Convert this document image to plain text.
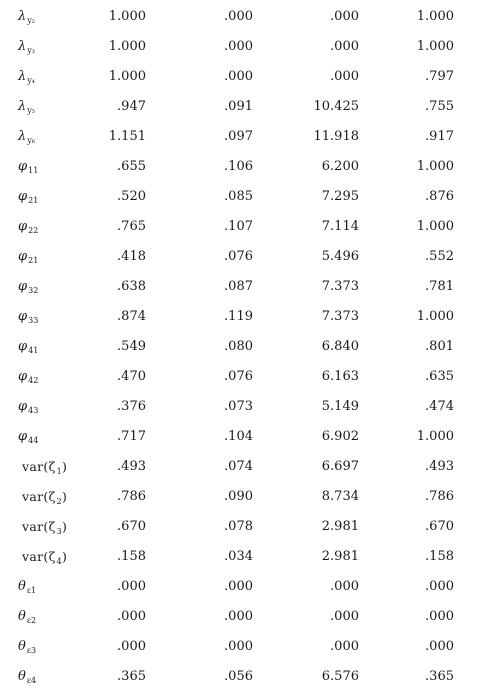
$\lambda_{y_2}$	1.000	.000	.000	1.000
$\lambda_{y_3}$	1.000	.000	.000	1.000
$\lambda_{y_4}$	1.000	.000	.000	.797
$\lambda_{y_5}$	.947	.091	10.425	.755
$\lambda_{y_6}$	1.151	.097	11.918	.917
$\varphi_{11}$	.655	.106	6.200	1.000
$\varphi_{21}$	.520	.085	7.295	.876
$\varphi_{22}$	.765	.107	7.114	1.000
$\varphi_{21}$	.418	.076	5.496	.552
$\varphi_{32}$	.638	.087	7.373	.781
$\varphi_{33}$	.874	.119	7.373	1.000
$\varphi_{41}$	.549	.080	6.840	.801
$\varphi_{42}$	.470	.076	6.163	.635
$\varphi_{43}$	.376	.073	5.149	.474
$\varphi_{44}$	.717	.104	6.902	1.000
$var(\zeta_1)$	.493	.074	6.697	.493
$var(\zeta_2)$	.786	.090	8.734	.786
$var(\zeta_3)$	.670	.078	2.981	.670
$var(\zeta_4)$	.158	.034	2.981	.158
$\theta_{\varepsilon 1}$	.000	.000	.000	.000
$\theta_{\varepsilon 2}$	.000	.000	.000	.000
$\theta_{\varepsilon 3}$	.000	.000	.000	.000
$\theta_{\varepsilon 4}$	.365	.056	6.576	.365
